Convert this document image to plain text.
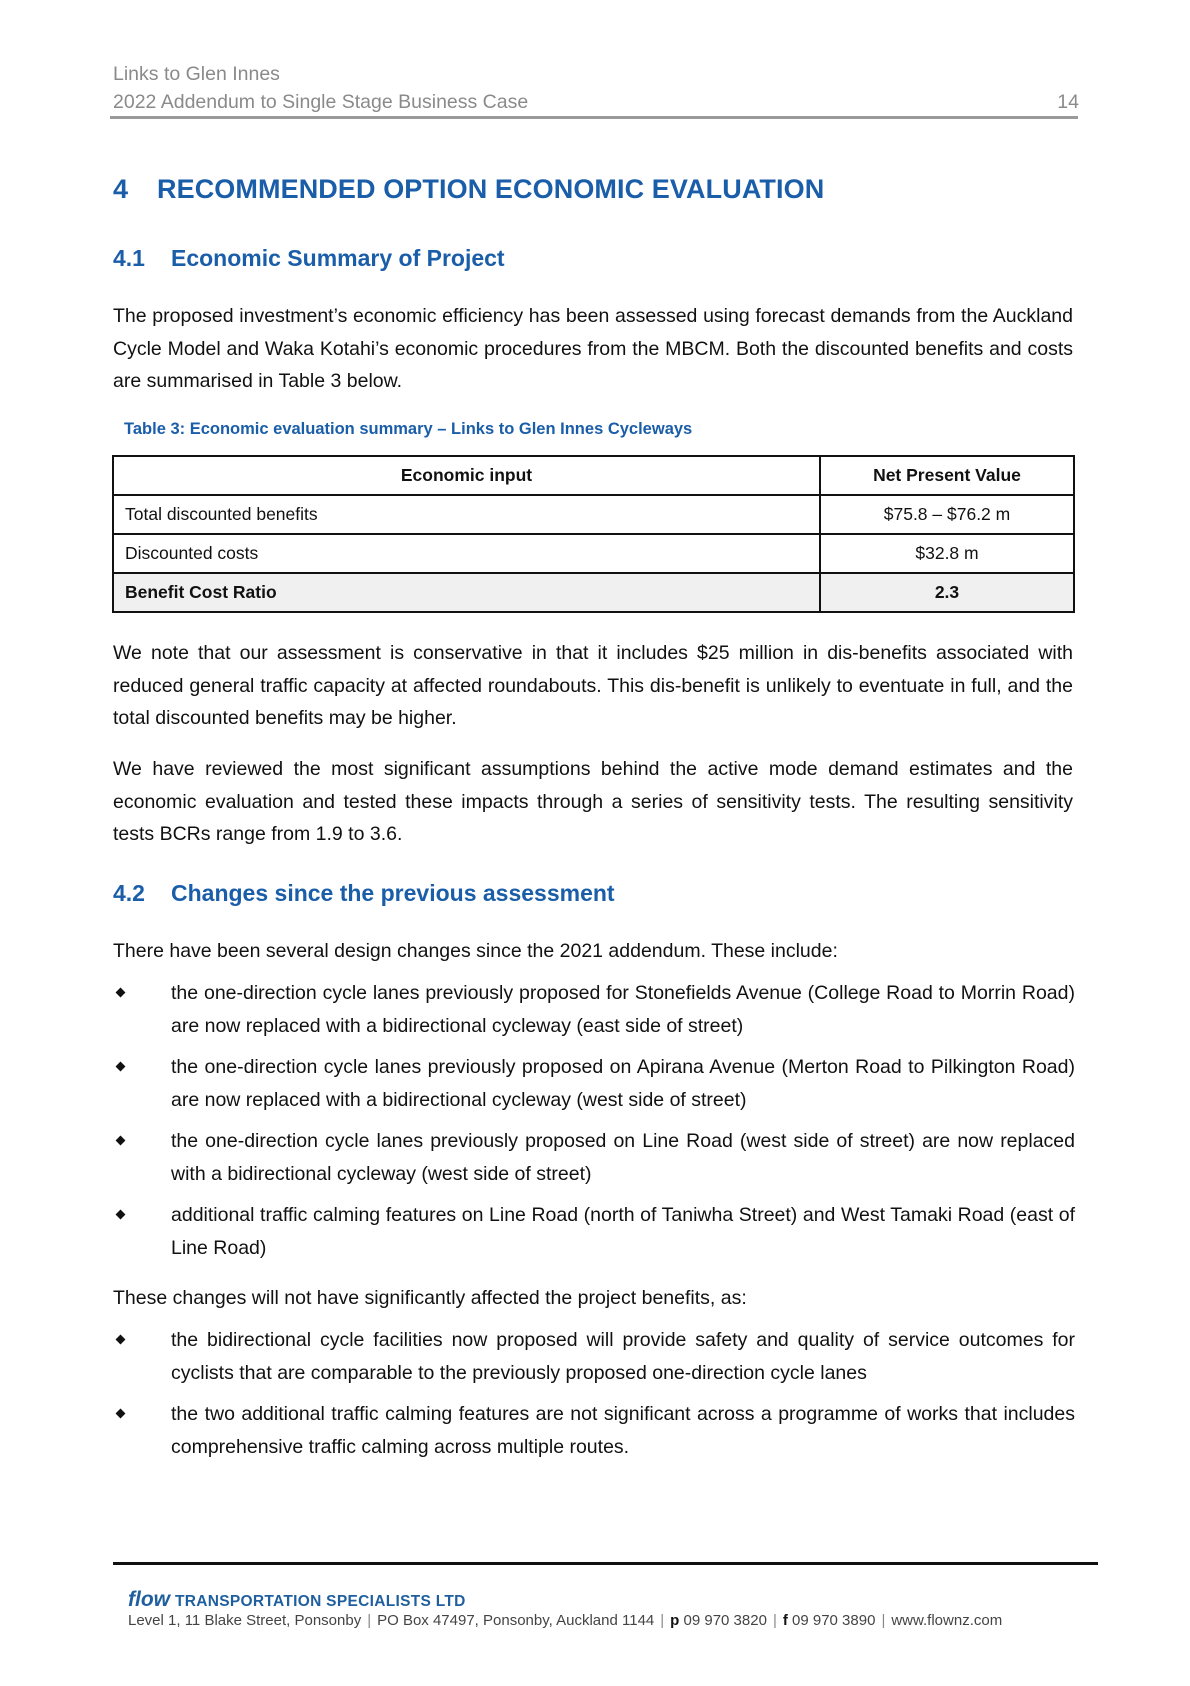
Links to Glen Innes
2022 Addendum to Single Stage Business Case	14
4 RECOMMENDED OPTION ECONOMIC EVALUATION
4.1 Economic Summary of Project

The proposed investment’s economic efficiency has been assessed using forecast demands from the Auckland Cycle Model and Waka Kotahi’s economic procedures from the MBCM. Both the discounted benefits and costs are summarised in Table 3 below.

Table 3: Economic evaluation summary – Links to Glen Innes Cycleways
Economic input	Net Present Value
Total discounted benefits	$75.8 – $76.2 m
Discounted costs	$32.8 m
Benefit Cost Ratio	2.3

We note that our assessment is conservative in that it includes $25 million in dis-benefits associated with reduced general traffic capacity at affected roundabouts. This dis-benefit is unlikely to eventuate in full, and the total discounted benefits may be higher.

We have reviewed the most significant assumptions behind the active mode demand estimates and the economic evaluation and tested these impacts through a series of sensitivity tests. The resulting sensitivity tests BCRs range from 1.9 to 3.6.

4.2 Changes since the previous assessment

There have been several design changes since the 2021 addendum. These include:

the one-direction cycle lanes previously proposed for Stonefields Avenue (College Road to Morrin Road) are now replaced with a bidirectional cycleway (east side of street)
the one-direction cycle lanes previously proposed on Apirana Avenue (Merton Road to Pilkington Road) are now replaced with a bidirectional cycleway (west side of street)
the one-direction cycle lanes previously proposed on Line Road (west side of street) are now replaced with a bidirectional cycleway (west side of street)
additional traffic calming features on Line Road (north of Taniwha Street) and West Tamaki Road (east of Line Road)

These changes will not have significantly affected the project benefits, as:

the bidirectional cycle facilities now proposed will provide safety and quality of service outcomes for cyclists that are comparable to the previously proposed one-direction cycle lanes
the two additional traffic calming features are not significant across a programme of works that includes comprehensive traffic calming across multiple routes.
flow TRANSPORTATION SPECIALISTS LTD
Level 1, 11 Blake Street, Ponsonby | PO Box 47497, Ponsonby, Auckland 1144 | p 09 970 3820 | f 09 970 3890 | www.flownz.com
